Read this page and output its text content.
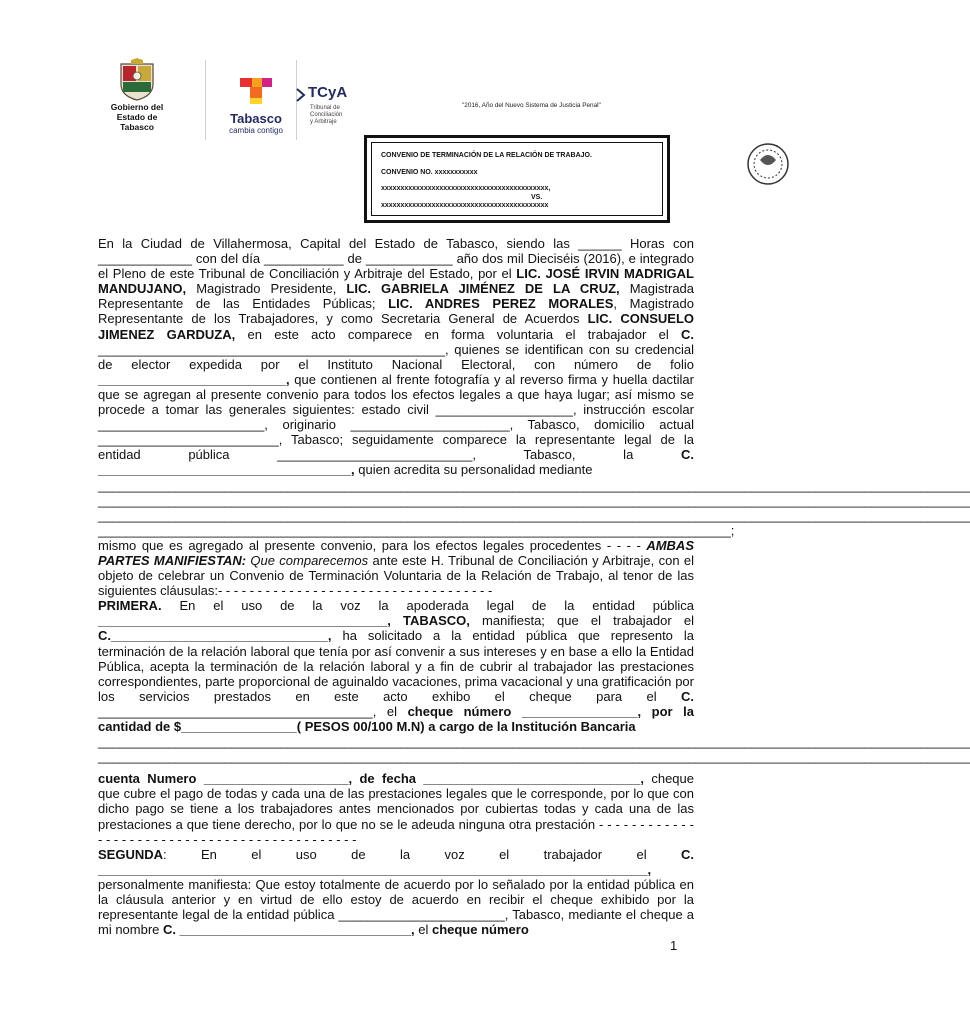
Gobierno del
Estado de Tabasco
Tabasco
cambia contigo
TCyA
Tribunal de
Conciliación
y Arbitraje
"2016, Año del Nuevo Sistema de Justicia Penal"
CONVENIO DE TERMINACIÓN DE LA RELACIÓN DE TRABAJO.
CONVENIO NO. xxxxxxxxxxx
xxxxxxxxxxxxxxxxxxxxxxxxxxxxxxxxxxxxxxxxxxx,
VS.
xxxxxxxxxxxxxxxxxxxxxxxxxxxxxxxxxxxxxxxxxxx

En la Ciudad de Villahermosa, Capital del Estado de Tabasco, siendo las ______ Horas con _____________ con del día ___________ de ____________ año dos mil Dieciséis (2016), e integrado el Pleno de este Tribunal de Conciliación y Arbitraje del Estado, por el LIC. JOSÉ IRVIN MADRIGAL MANDUJANO, Magistrado Presidente, LIC. GABRIELA JIMÉNEZ DE LA CRUZ, Magistrada Representante de las Entidades Públicas; LIC. ANDRES PEREZ MORALES, Magistrado Representante de los Trabajadores, y como Secretaria General de Acuerdos LIC. CONSUELO JIMENEZ GARDUZA, en este acto comparece en forma voluntaria el trabajador el C. ________________________________________________, quienes se identifican con su credencial de elector expedida por el Instituto Nacional Electoral, con número de folio __________________________, que contienen al frente fotografía y al reverso firma y huella dactilar que se agregan al presente convenio para todos los efectos legales a que haya lugar; así mismo se procede a tomar las generales siguientes: estado civil ___________________, instrucción escolar _______________________, originario ______________________, Tabasco, domicilio actual _________________________, Tabasco; seguidamente comparece la representante legal de la entidad pública ___________________________, Tabasco, la C. ___________________________________, quien acredita su personalidad mediante

____________________________________________________________________________________________________________________________
____________________________________________________________________________________________________________________________
____________________________________________________________________________________________________________________________
__________________________________________________________________________________________;

mismo que es agregado al presente convenio, para los efectos legales procedentes - - - - AMBAS PARTES MANIFIESTAN: Que comparecemos ante este H. Tribunal de Conciliación y Arbitraje, con el objeto de celebrar un Convenio de Terminación Voluntaria de la Relación de Trabajo, al tenor de las siguientes cláusulas:- - - - - - - - - - - - - - - - - - - - - - - - - - - - - - - - - - -

PRIMERA. En el uso de la voz la apoderada legal de la entidad pública ________________________________________, TABASCO, manifiesta; que el trabajador el C.______________________________, ha solicitado a la entidad pública que represento la terminación de la relación laboral que tenía por así convenir a sus intereses y en base a ello la Entidad Pública, acepta la terminación de la relación laboral y a fin de cubrir al trabajador las prestaciones correspondientes, parte proporcional de aguinaldo vacaciones, prima vacacional y una gratificación por los servicios prestados en este acto exhibo el cheque para el C. ______________________________________, el cheque número ________________, por la cantidad de $________________( PESOS 00/100 M.N) a cargo de la Institución Bancaria

____________________________________________________________________________________________________________________________
____________________________________________________________________________________________________________________________

cuenta Numero ____________________, de fecha ______________________________, cheque que cubre el pago de todas y cada una de las prestaciones legales que le corresponde, por lo que con dicho pago se tiene a los trabajadores antes mencionados por cubiertas todas y cada una de las prestaciones a que tiene derecho, por lo que no se le adeuda ninguna otra prestación - - - - - - - - - - - - - - - - - - - - - - - - - - - - - - - - - - - - - - - - - - - - -

SEGUNDA: En el uso de la voz el trabajador el C. ____________________________________________________________________________, personalmente manifiesta: Que estoy totalmente de acuerdo por lo señalado por la entidad pública en la cláusula anterior y en virtud de ello estoy de acuerdo en recibir el cheque exhibido por la representante legal de la entidad pública _______________________, Tabasco, mediante el cheque a mi nombre C. ________________________________, el cheque número

1
